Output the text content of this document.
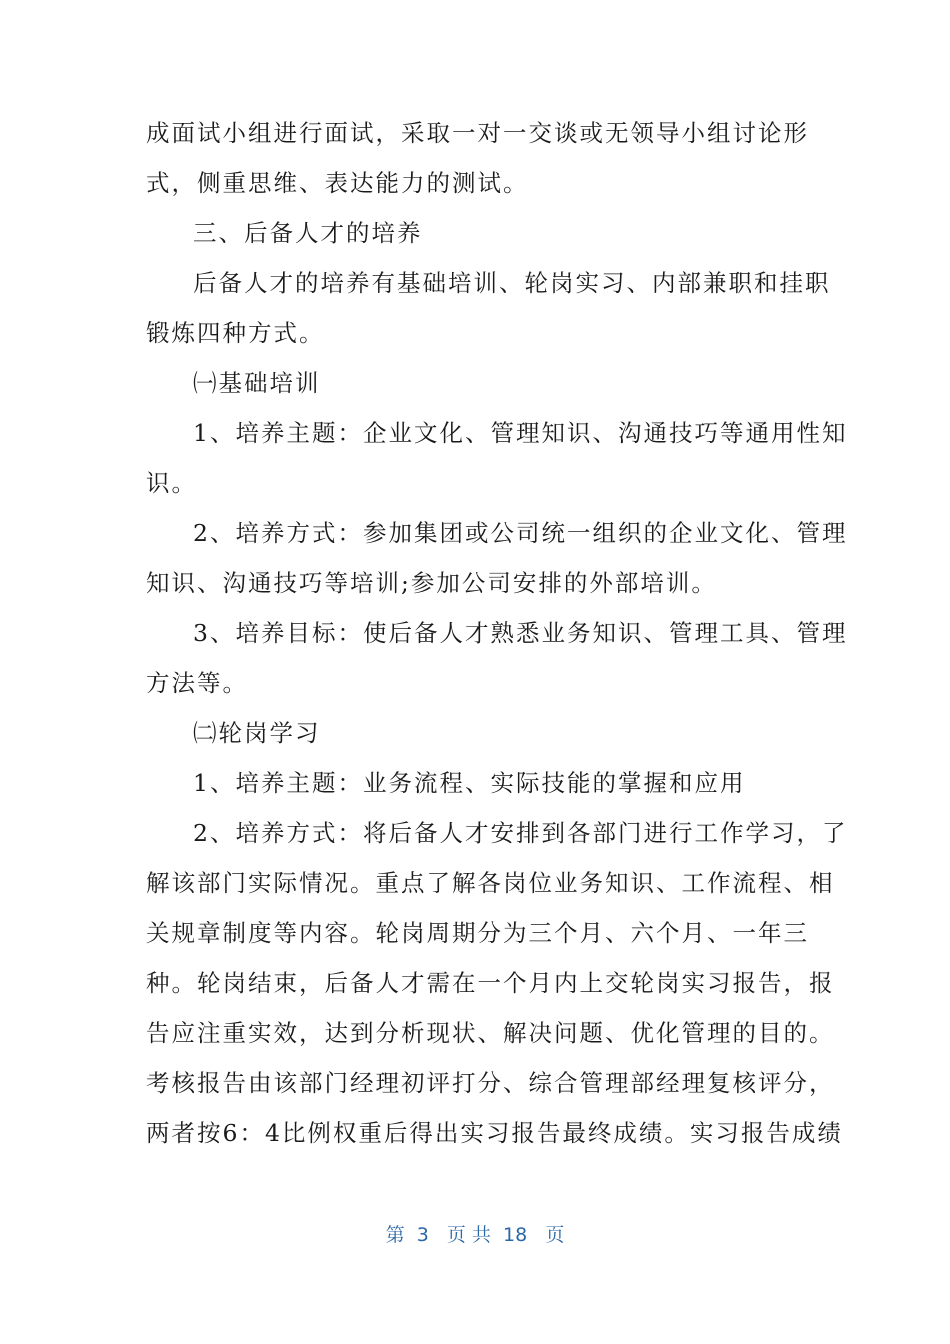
成面试小组进行面试，采取一对一交谈或无领导小组讨论形
式，侧重思维、表达能力的测试。
三、后备人才的培养
后备人才的培养有基础培训、轮岗实习、内部兼职和挂职
锻炼四种方式。
㈠基础培训
1、培养主题：企业文化、管理知识、沟通技巧等通用性知
识。
2、培养方式：参加集团或公司统一组织的企业文化、管理
知识、沟通技巧等培训;参加公司安排的外部培训。
3、培养目标：使后备人才熟悉业务知识、管理工具、管理
方法等。
㈡轮岗学习
1、培养主题：业务流程、实际技能的掌握和应用
2、培养方式：将后备人才安排到各部门进行工作学习，了
解该部门实际情况。重点了解各岗位业务知识、工作流程、相
关规章制度等内容。轮岗周期分为三个月、六个月、一年三
种。轮岗结束，后备人才需在一个月内上交轮岗实习报告，报
告应注重实效，达到分析现状、解决问题、优化管理的目的。
考核报告由该部门经理初评打分、综合管理部经理复核评分，
两者按6：4比例权重后得出实习报告最终成绩。实习报告成绩
第  3   页 共  18   页
